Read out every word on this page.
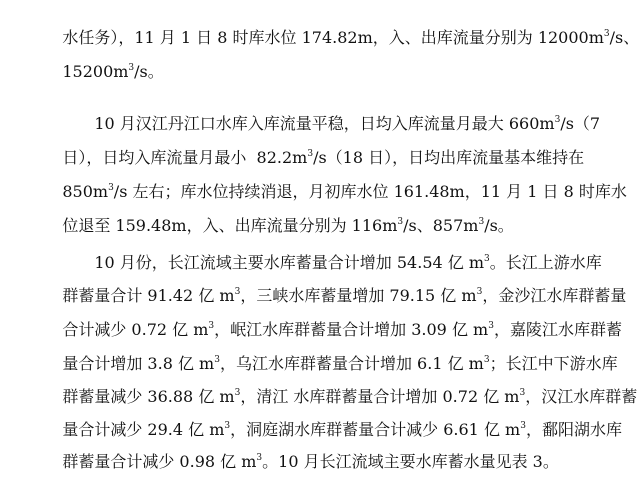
水任务），11 月 1 日 8 时库水位 174.82m，入、出库流量分别为 $12000m^3/s$、

$15200m^3/s$。

　　10 月汉江丹江口水库入库流量平稳，日均入库流量月最大 $660m^3/s(7$

日），日均入库流量月最小  $82.2m^3/s(18$ 日），日均出库流量基本维持在

$850m^3/s$ 左右；库水位持续消退，月初库水位 161.48m，11 月 1 日 8 时库水

位退至 159.48m，入、出库流量分别为 $116m^3/s$、$857m^3/s$。

　　10 月份，长江流域主要水库蓄量合计增加 54.54 亿 $m^3$。长江上游水库

群蓄量合计 91.42 亿 $m^3$，三峡水库蓄量增加 79.15 亿 $m^3$，金沙江水库群蓄量

合计减少 0.72 亿 $m^3$，岷江水库群蓄量合计增加 3.09 亿 $m^3$，嘉陵江水库群蓄

量合计增加 3.8 亿 $m^3$，乌江水库群蓄量合计增加 6.1 亿 $m^3$；长江中下游水库

群蓄量减少 36.88 亿 $m^3$，清江 水库群蓄量合计增加 0.72 亿 $m^3$，汉江水库群蓄

量合计减少 29.4 亿 $m^3$，洞庭湖水库群蓄量合计减少 6.61 亿 $m^3$，鄱阳湖水库

群蓄量合计减少 0.98 亿 $m^3$。10 月长江流域主要水库蓄水量见表 3。
